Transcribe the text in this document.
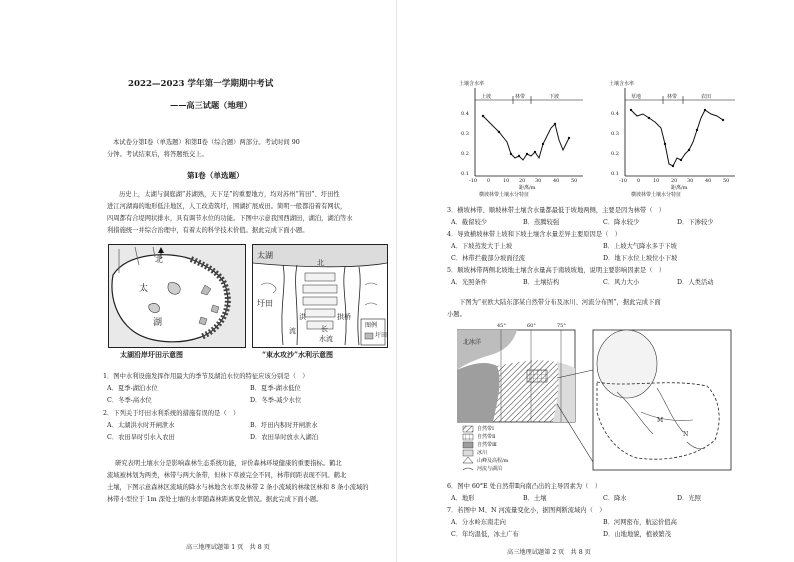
2022—2023 学年第一学期期中考试
——高三试题（地理）
本试卷分第Ⅰ卷（单选题）和第Ⅱ卷（综合题）两部分。考试时间 90
分钟。考试结束后，将答题纸交上。
第Ⅰ卷（单选题）
历史上，太湖与洞庭湖“苏湖熟，天下足”的重要地方，均对苏州“筲田”、圩田性
进江河湖海的地形低洼地区，人工改造筑圩，围湖扩展成田。简明一般都沿着有网状，
四周都有合堤网状排水，具有调节水位的功能。下图中示意我国西湖田，湖泊，湖泊等水
利措施统一并综合治理中，有着太的科学技术价值。据此完成下面小题。
北
太
湖
太湖沿岸圩田示意图
太湖
北
圩田
流
洪	拱桥
长
水流
图例
圩田
“束水攻沙”水利示意图
1．图中水利设施发挥作用最大的季节及湖泊水位的特征应该分别是（　）
A．夏季-湖泊水位	B．夏季-湖水低位
C．冬季-高水位	D．冬季-减少水位
2．下列关于圩田水利系统的措施有误的是（　）
A．太湖洪水时开闸泄水	B．圩田内积时开闸泄水
C．农田旱时引水入农田	D．农田旱时放水入湖泊
研究表明土壤水分是影响森林生态系统功能，评价森林环境健康的重要指标。鹤北
流域被林划为两类，林带与两大条带，但林下草被完全不同，林带间距表现不同。鹤北
土壤，下图示意森林区流域的降水与林地含水率及林带 2 条小流域的林缘区林和 8 条小流域的
林带小型位于 1m 深处土壤的水率随森林距离变化情况。据此完成下面小题。
高三地理试题第 1 页　共 8 页
土壤含水率
上坡	林带	下坡
0.4
0.3
0.2
0.1
-10 0	10 20 30 40 50
距离/m
横坡林带土壤水分特征
土壤含水率
草地	林带	农田
0.4
0.3
0.2
0.1
-10 0	10 20 30 40 50
距离/m
横坡林带土壤水分特征
3．横坡林带、顺坡林带土壤含水量都最低于坡地两侧，主要是因为林带（　）
A．截留较少	B．蒸腾较强	C．降水较少	D．下渗较少
4．导致横坡林带上坡和下坡土壤含水量差异主要原因是（　）
A．下坡蒸发大于上坡	B．上坡大气降水多于下坡
C．林带拦截部分坡面径流	D．地下水位上坡位小下坡
5．顺坡林带两侧北坡地土壤含水量高于南坡坡地，说明主要影响因素是（　）
A．光照条件	B．土壤结构	C．风力大小	D．人类活动
下图为“亚欧大陆东部某自然带分布及冰川、河流分布图”，据此完成下面
小题。
45°	60°	75°
北冰洋
自然带Ⅰ
自然带Ⅱ
自然带Ⅲ
冰川
山峰及高程/m
河流与湖泊
M
N
6．图中 60°E 处自然带Ⅱ向南凸出的主导因素为（　）
A．地形	B．土壤	C．降水	D．光照
7．若图中 M、N 河流量变化小，据图判断流域内（　）
A．分水岭东南走向	B．河网密布，航运价值高
C．年均温低，冰土广布	D．山地地貌，植被繁茂
高三地理试题第 2 页　共 8 页
